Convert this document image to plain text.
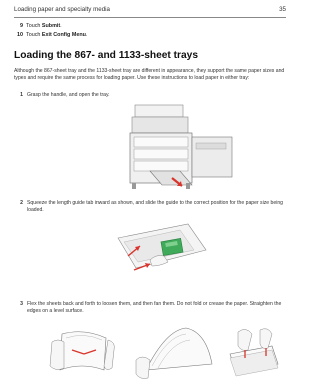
Loading paper and specialty media	35
9 Touch Submit.
10 Touch Exit Config Menu.
Loading the 867- and 1133-sheet trays
Although the 867-sheet tray and the 1133-sheet tray are different in appearance, they support the same paper sizes and types and require the same process for loading paper. Use these instructions to load paper in either tray:
1 Grasp the handle, and open the tray.
2 Squeeze the length guide tab inward as shown, and slide the guide to the correct position for the paper size being loaded.
3 Flex the sheets back and forth to loosen them, and then fan them. Do not fold or crease the paper. Straighten the edges on a level surface.
